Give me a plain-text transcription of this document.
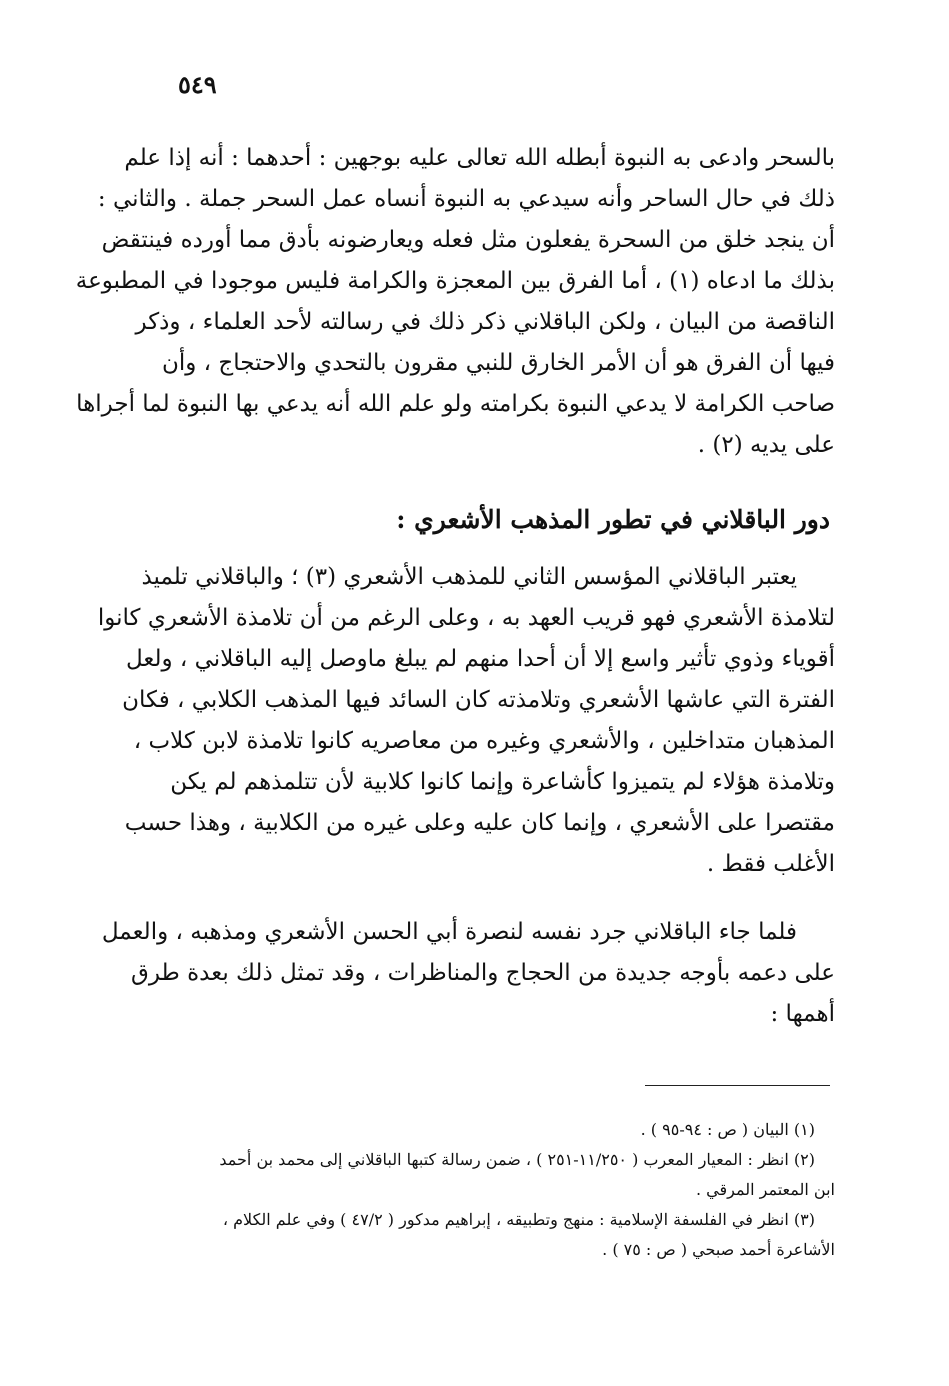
٥٤٩
بالسحر وادعى به النبوة أبطله الله تعالى عليه بوجهين : أحدهما : أنه إذا علم
ذلك في حال الساحر وأنه سيدعي به النبوة أنساه عمل السحر جملة . والثاني :
أن ينجد خلق من السحرة يفعلون مثل فعله ويعارضونه بأدق مما أورده فينتقض
بذلك ما ادعاه (١) ، أما الفرق بين المعجزة والكرامة فليس موجودا في المطبوعة
الناقصة من البيان ، ولكن الباقلاني ذكر ذلك في رسالته لأحد العلماء ، وذكر
فيها أن الفرق هو أن الأمر الخارق للنبي مقرون بالتحدي والاحتجاج ، وأن
صاحب الكرامة لا يدعي النبوة بكرامته ولو علم الله أنه يدعي بها النبوة لما أجراها
على يديه (٢) .
دور الباقلاني في تطور المذهب الأشعري :
يعتبر الباقلاني المؤسس الثاني للمذهب الأشعري (٣) ؛ والباقلاني تلميذ
لتلامذة الأشعري فهو قريب العهد به ، وعلى الرغم من أن تلامذة الأشعري كانوا
أقوياء وذوي تأثير واسع إلا أن أحدا منهم لم يبلغ ماوصل إليه الباقلاني ، ولعل
الفترة التي عاشها الأشعري وتلامذته كان السائد فيها المذهب الكلابي ، فكان
المذهبان متداخلين ، والأشعري وغيره من معاصريه كانوا تلامذة لابن كلاب ،
وتلامذة هؤلاء لم يتميزوا كأشاعرة وإنما كانوا كلابية لأن تتلمذهم لم يكن
مقتصرا على الأشعري ، وإنما كان عليه وعلى غيره من الكلابية ، وهذا حسب
الأغلب فقط .
فلما جاء الباقلاني جرد نفسه لنصرة أبي الحسن الأشعري ومذهبه ، والعمل
على دعمه بأوجه جديدة من الحجاج والمناظرات ، وقد تمثل ذلك بعدة طرق
أهمها :
(١) البيان ( ص : ٩٤-٩٥ ) .
(٢) انظر : المعيار المعرب ( ١١/٢٥٠-٢٥١ ) ، ضمن رسالة كتبها الباقلاني إلى محمد بن أحمد
ابن المعتمر المرقي .
(٣) انظر في الفلسفة الإسلامية : منهج وتطبيقه ، إبراهيم مدكور ( ٤٧/٢ ) وفي علم الكلام ،
الأشاعرة أحمد صبحي ( ص : ٧٥ ) .
